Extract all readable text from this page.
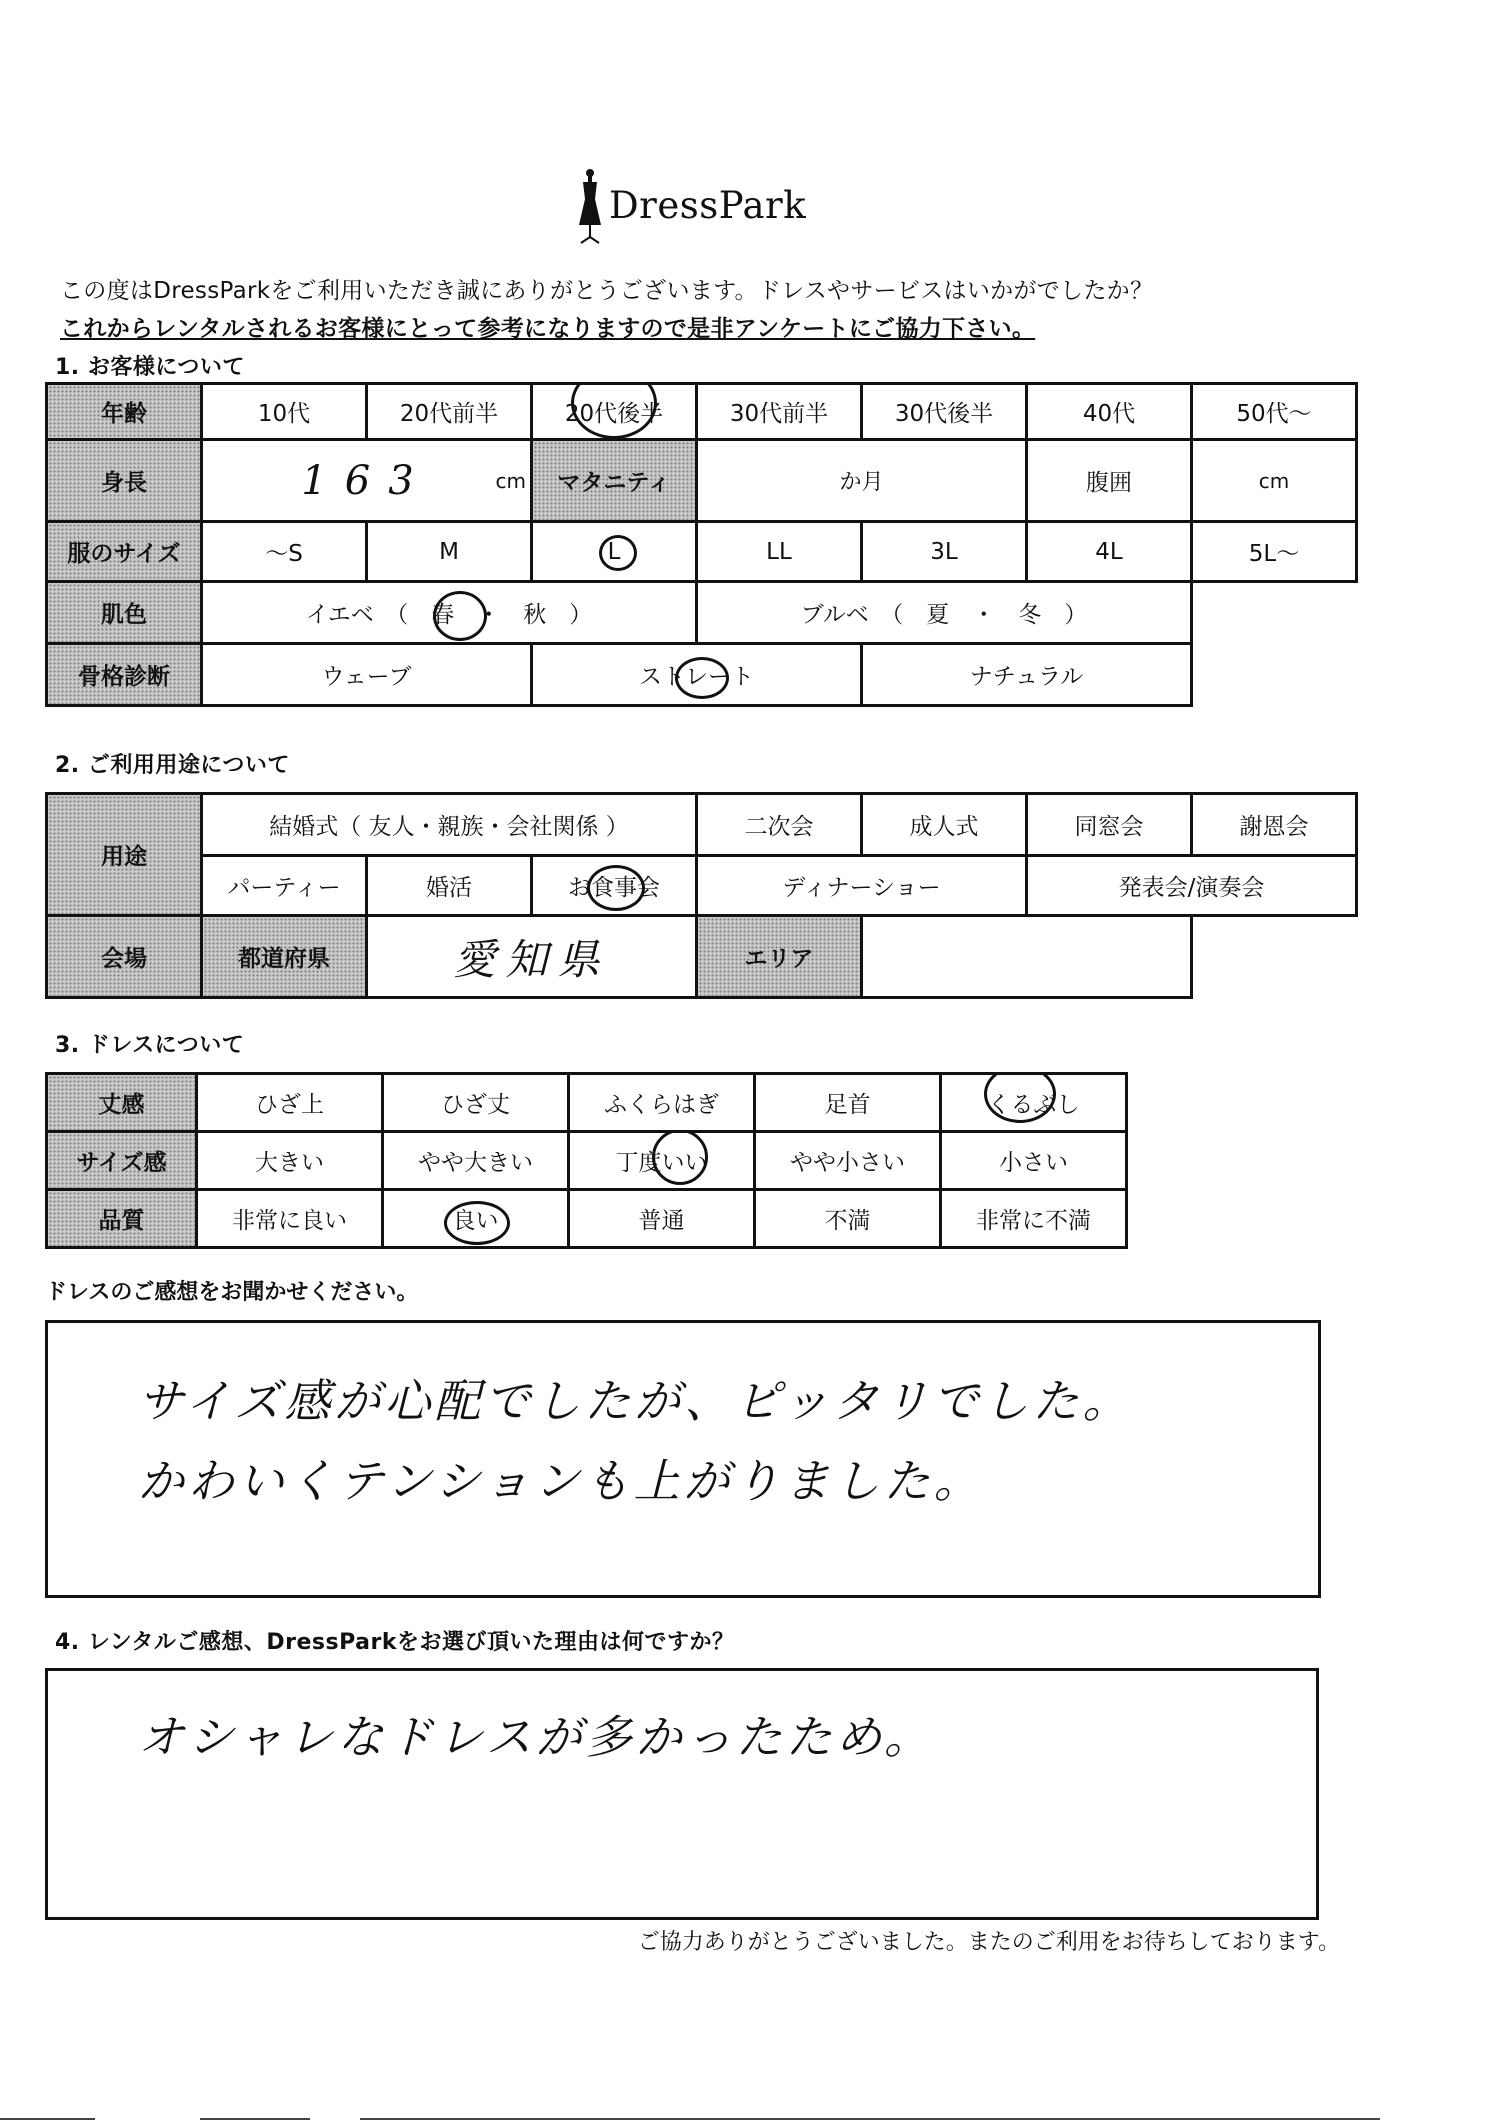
DressPark
この度はDressParkをご利用いただき誠にありがとうございます。ドレスやサービスはいかがでしたか？
これからレンタルされるお客様にとって参考になりますので是非アンケートにご協力下さい。
1. お客様について
年齢	10代	20代前半	20代後半	30代前半	30代後半	40代	50代～
身長	163 cm		マタニティ	か月		腹囲	cm
服のサイズ	～S	M	L	LL	3L	4L	5L～
肌色	イエベ　（　春　・　秋　）			ブルベ　（　夏　・　冬　）			
骨格診断	ウェーブ		ストレート		ナチュラル		
2. ご利用用途について
用途	結婚式（ 友人・親族・会社関係 ）			二次会	成人式	同窓会	謝恩会
	パーティー	婚活	お食事会	ディナーショー		発表会/演奏会	
会場	都道府県	愛知県		エリア			
3. ドレスについて
丈感	ひざ上	ひざ丈	ふくらはぎ	足首	くるぶし

サイズ感	大きい	やや大きい	丁度いい	やや小さい	小さい
品質	非常に良い	良い	普通	不満	非常に不満
ドレスのご感想をお聞かせください。
サイズ感が心配でしたが、ピッタリでした。
かわいくテンションも上がりました。
4. レンタルご感想、DressParkをお選び頂いた理由は何ですか？
オシャレなドレスが多かったため。
ご協力ありがとうございました。またのご利用をお待ちしております。
